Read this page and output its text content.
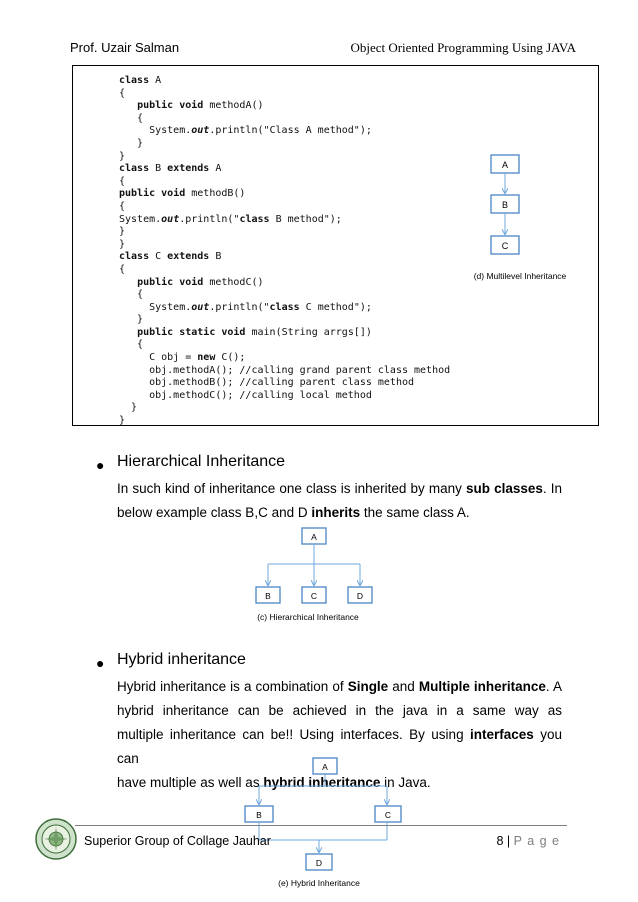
Prof. Uzair Salman	Object Oriented Programming Using JAVA
class A
{
public void methodA()
{
System.out.println("Class A method");
}
}
class B extends A
{
public void methodB()
{
System.out.println("class B method");
}
}
class C extends B
{
public void methodC()
{
System.out.println("class C method");
}
public static void main(String arrgs[])
{
C obj = new C();
obj.methodA(); //calling grand parent class method
obj.methodB(); //calling parent class method
obj.methodC(); //calling local method
}
}
A
B
C
(d) Multilevel Inheritance
● Hierarchical Inheritance
In such kind of inheritance one class is inherited by many sub classes. In
below example class B,C and D inherits the same class A.
A
B	C	D
(c) Hierarchical Inheritance
● Hybrid inheritance
Hybrid inheritance is a combination of Single and Multiple inheritance. A
hybrid inheritance can be achieved in the java in a same way as
multiple inheritance can be!! Using interfaces. By using interfaces you can
have multiple as well as hybrid inheritance in Java.
A
B	C
D
(e) Hybrid Inheritance
Superior Group of Collage Jauhar	8 | P a g e
